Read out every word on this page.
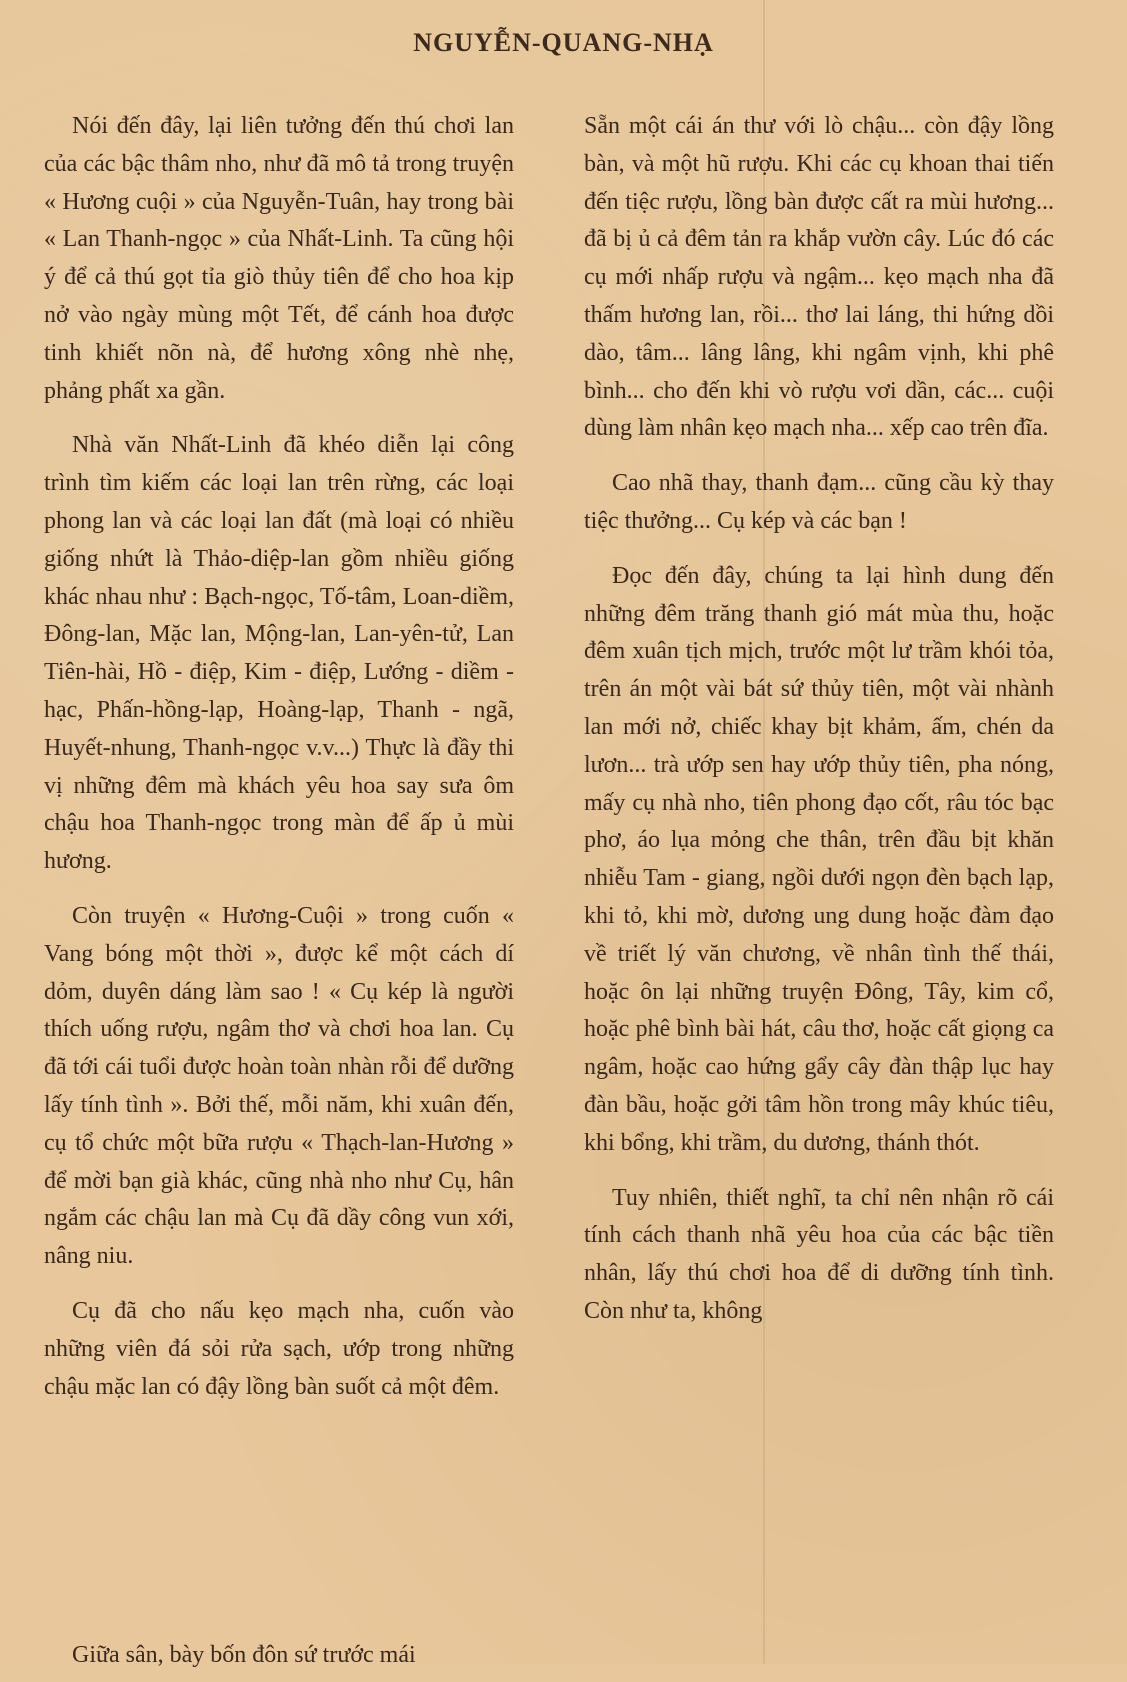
NGUYỄN-QUANG-NHẠ

Nói đến đây, lại liên tưởng đến thú chơi lan của các bậc thâm nho, như đã mô tả trong truyện « Hương cuội » của Nguyễn-Tuân, hay trong bài « Lan Thanh-ngọc » của Nhất-Linh. Ta cũng hội ý để cả thú gọt tỉa giò thủy tiên để cho hoa kịp nở vào ngày mùng một Tết, để cánh hoa được tinh khiết nõn nà, để hương xông nhè nhẹ, phảng phất xa gần.

Nhà văn Nhất-Linh đã khéo diễn lại công trình tìm kiếm các loại lan trên rừng, các loại phong lan và các loại lan đất (mà loại có nhiều giống nhứt là Thảo-diệp-lan gồm nhiều giống khác nhau như : Bạch-ngọc, Tố-tâm, Loan-diềm, Đông-lan, Mặc lan, Mộng-lan, Lan-yên-tử, Lan Tiên-hài, Hồ - điệp, Kim - điệp, Lướng - diềm - hạc, Phấn-hồng-lạp, Hoàng-lạp, Thanh - ngã, Huyết-nhung, Thanh-ngọc v.v...) Thực là đầy thi vị những đêm mà khách yêu hoa say sưa ôm chậu hoa Thanh-ngọc trong màn để ấp ủ mùi hương.

Còn truyện « Hương-Cuội » trong cuốn « Vang bóng một thời », được kể một cách dí dỏm, duyên dáng làm sao ! « Cụ kép là người thích uống rượu, ngâm thơ và chơi hoa lan. Cụ đã tới cái tuổi được hoàn toàn nhàn rỗi để dưỡng lấy tính tình ». Bởi thế, mỗi năm, khi xuân đến, cụ tổ chức một bữa rượu « Thạch-lan-Hương » để mời bạn già khác, cũng nhà nho như Cụ, hân ngắm các chậu lan mà Cụ đã dầy công vun xới, nâng niu.

Cụ đã cho nấu kẹo mạch nha, cuốn vào những viên đá sỏi rửa sạch, ướp trong những chậu mặc lan có đậy lồng bàn suốt cả một đêm.

Sẵn một cái án thư với lò chậu... còn đậy lồng bàn, và một hũ rượu. Khi các cụ khoan thai tiến đến tiệc rượu, lồng bàn được cất ra mùi hương... đã bị ủ cả đêm tản ra khắp vườn cây. Lúc đó các cụ mới nhấp rượu và ngậm... kẹo mạch nha đã thấm hương lan, rồi... thơ lai láng, thi hứng dồi dào, tâm... lâng lâng, khi ngâm vịnh, khi phê bình... cho đến khi vò rượu vơi dần, các... cuội dùng làm nhân kẹo mạch nha... xếp cao trên đĩa.

Cao nhã thay, thanh đạm... cũng cầu kỳ thay tiệc thưởng... Cụ kép và các bạn !

Đọc đến đây, chúng ta lại hình dung đến những đêm trăng thanh gió mát mùa thu, hoặc đêm xuân tịch mịch, trước một lư trầm khói tỏa, trên án một vài bát sứ thủy tiên, một vài nhành lan mới nở, chiếc khay bịt khảm, ấm, chén da lươn... trà ướp sen hay ướp thủy tiên, pha nóng, mấy cụ nhà nho, tiên phong đạo cốt, râu tóc bạc phơ, áo lụa mỏng che thân, trên đầu bịt khăn nhiễu Tam - giang, ngồi dưới ngọn đèn bạch lạp, khi tỏ, khi mờ, dương ung dung hoặc đàm đạo về triết lý văn chương, về nhân tình thế thái, hoặc ôn lại những truyện Đông, Tây, kim cổ, hoặc phê bình bài hát, câu thơ, hoặc cất giọng ca ngâm, hoặc cao hứng gẩy cây đàn thập lục hay đàn bầu, hoặc gởi tâm hồn trong mây khúc tiêu, khi bổng, khi trầm, du dương, thánh thót.

Tuy nhiên, thiết nghĩ, ta chỉ nên nhận rõ cái tính cách thanh nhã yêu hoa của các bậc tiền nhân, lấy thú chơi hoa để di dưỡng tính tình. Còn như ta, không

Giữa sân, bày bốn đôn sứ trước mái
